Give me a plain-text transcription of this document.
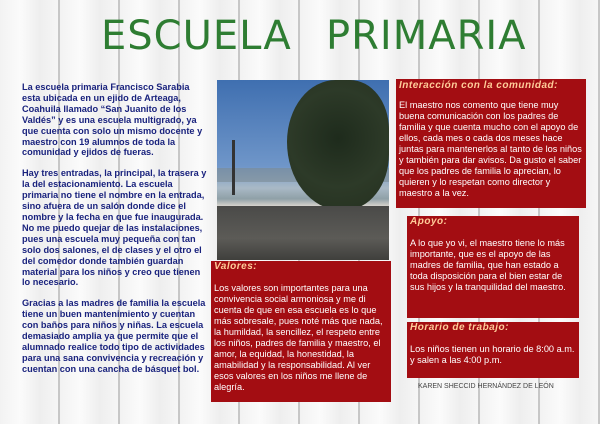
ESCUELA PRIMARIA

La escuela primaria Francisco Sarabia esta ubicada en un ejido de Arteaga, Coahuila llamado “San Juanito de los Valdés” y es una escuela multigrado, ya que cuenta con solo un mismo docente y maestro con 19 alumnos de toda la comunidad y ejidos de fueras.

Hay tres entradas, la principal, la trasera y la del estacionamiento. La escuela primaria no tiene el nombre en la entrada, sino afuera de un salón donde dice el nombre y la fecha en que fue inaugurada. No me puedo quejar de las instalaciones, pues una escuela muy pequeña con tan solo dos salones, el de clases y el otro el del comedor donde también guardan material para los niños y creo que tienen lo necesario.

Gracias a las madres de familia la escuela tiene un buen mantenimiento y cuentan con baños para niños y niñas. La escuela demasiado amplia ya que permite que el alumnado realice todo tipo de actividades para una sana convivencia y recreación y cuentan con una cancha de básquet bol.

Interacción con la comunidad:
El maestro nos comento que tiene muy buena comunicación con los padres de familia y que cuenta mucho con el apoyo de ellos, cada mes o cada dos meses hace juntas para mantenerlos al tanto de los niños y también para dar avisos. Da gusto el saber que los padres de familia lo aprecian, lo quieren y lo respetan como director y maestro a la vez.
Apoyo:
A lo que yo vi, el maestro tiene lo más importante, que es el apoyo de las madres de familia, que han estado a toda disposición para el bien estar de sus hijos y la tranquilidad del maestro.
Valores:
Los valores son importantes para una convivencia social armoniosa y me di cuenta de que en esa escuela es lo que más sobresale, pues noté más que nada, la humildad, la sencillez, el respeto entre los niños, padres de familia y maestro, el amor, la equidad, la honestidad, la amabilidad y la responsabilidad. Al ver esos valores en los niños me llene de alegría.
Horario de trabajo:
Los niños tienen un horario de 8:00 a.m. y salen a las 4:00 p.m.
KAREN SHECCID HERNÁNDEZ DE LEÓN
